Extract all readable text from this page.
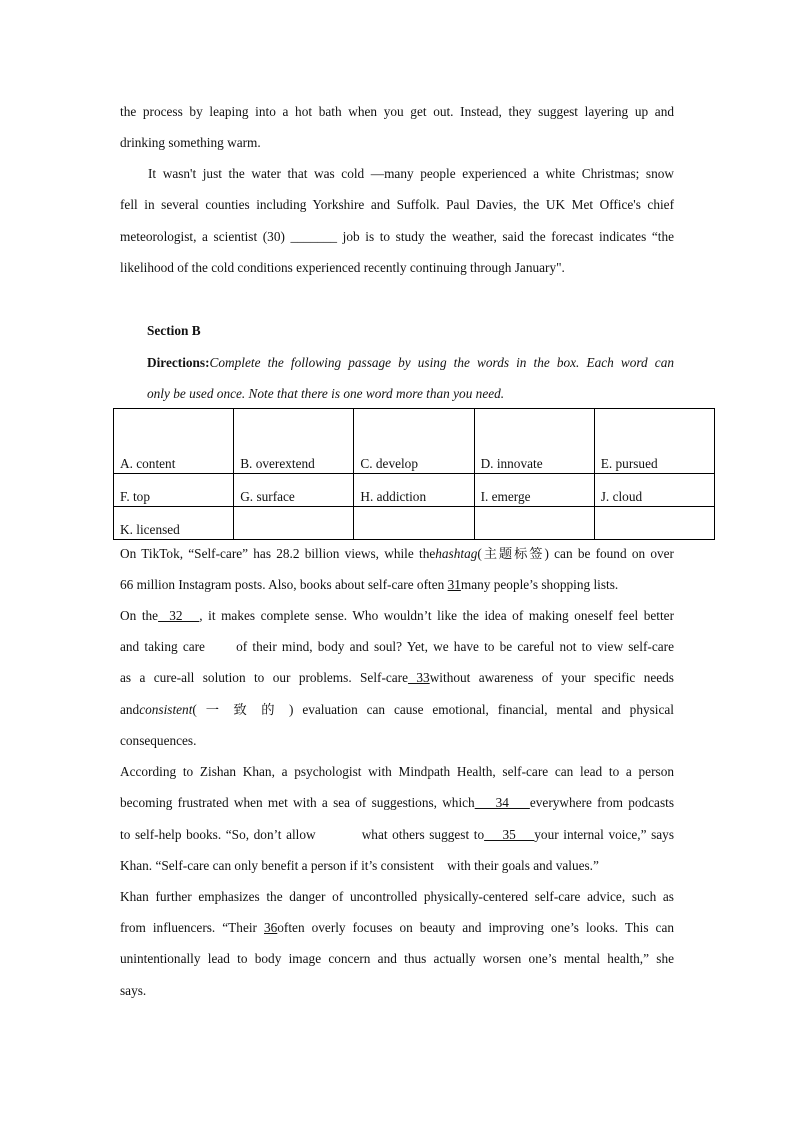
the process by leaping into a hot bath when you get out. Instead, they suggest layering up and
drinking something warm.
It wasn't just the water that was cold —many people experienced a white Christmas; snow
fell in several counties including Yorkshire and Suffolk. Paul Davies, the UK Met Office's chief
meteorologist, a scientist (30) _______ job is to study the weather, said the forecast indicates “the
likelihood of the cold conditions experienced recently continuing through January".
Section B
Directions:Complete the following passage by using the words in the box. Each word can
only be used once. Note that there is one word more than you need.
A. content	B. overextend	C. develop	D. innovate	E. pursued
F. top	G. surface	H. addiction	I. emerge	J. cloud
K. licensed				
On TikTok, “Self-care” has 28.2 billion views, while thehashtag(主题标签) can be found on over
66 million Instagram posts. Also, books about self-care often 31many people’s shopping lists.
On the  32   , it makes complete sense. Who wouldn’t like the idea of making oneself feel better
and taking care      of their mind, body and soul? Yet, we have to be careful not to view self-care
as a cure-all solution to our problems. Self-care 33without awareness of your specific needs
andconsistent( 一 致 的 ) evaluation can cause emotional, financial, mental and physical
consequences.
According to Zishan Khan, a psychologist with Mindpath Health, self-care can lead to a person
becoming frustrated when met with a sea of suggestions, which    34    everywhere from podcasts
to self-help books. “So, don’t allow          what others suggest to    35    your internal voice,” says
Khan. “Self-care can only benefit a person if it’s consistent    with their goals and values.”
Khan further emphasizes the danger of uncontrolled physically-centered self-care advice, such as
from influencers. “Their 36often overly focuses on beauty and improving one’s looks. This can
unintentionally lead to body image concern and thus actually worsen one’s mental health,” she
says.
